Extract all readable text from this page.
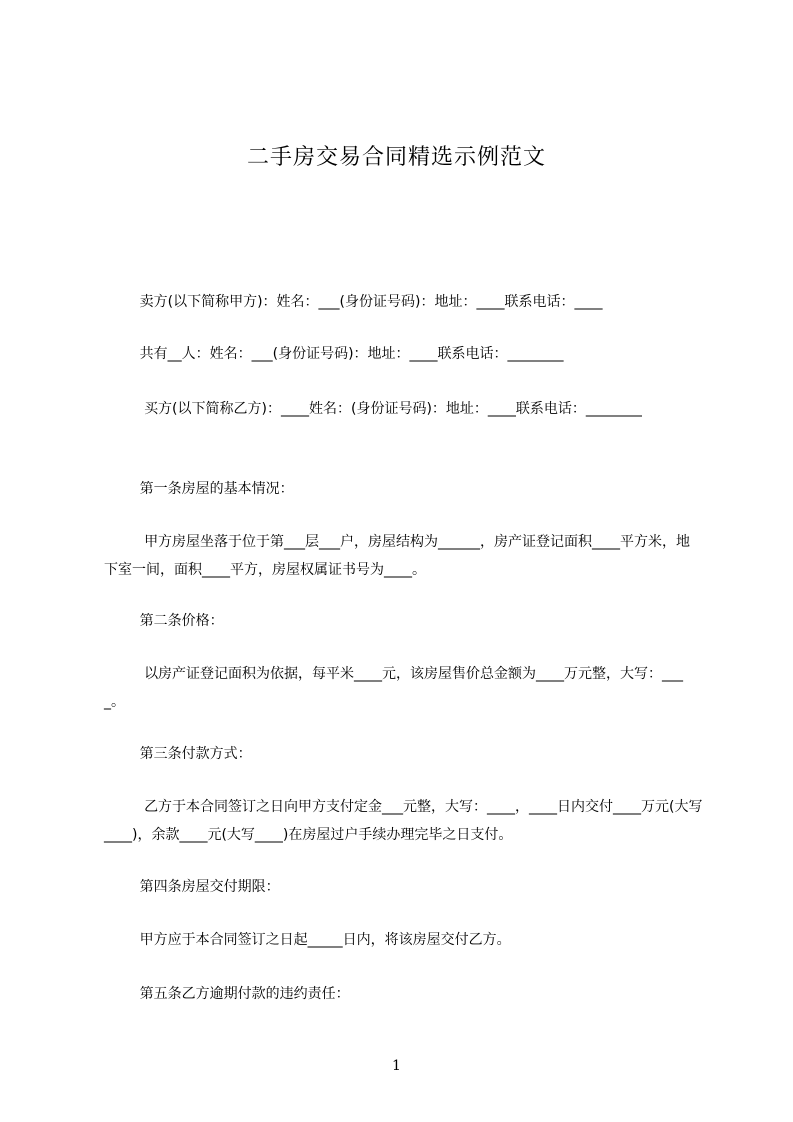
二手房交易合同精选示例范文
卖方(以下简称甲方)：姓名：___(身份证号码)：地址：____联系电话：____
共有__人：姓名：___(身份证号码)：地址：____联系电话：________
买方(以下简称乙方)：____姓名：(身份证号码)：地址：____联系电话：________
第一条房屋的基本情况：
甲方房屋坐落于位于第___层___户，房屋结构为______，房产证登记面积____平方米，地下室一间，面积____平方，房屋权属证书号为____。
第二条价格：
以房产证登记面积为依据，每平米____元，该房屋售价总金额为____万元整，大写：____。
第三条付款方式：
乙方于本合同签订之日向甲方支付定金___元整，大写：____，____日内交付____万元(大写____)，余款____元(大写____)在房屋过户手续办理完毕之日支付。
第四条房屋交付期限：
甲方应于本合同签订之日起_____日内，将该房屋交付乙方。
第五条乙方逾期付款的违约责任：
1
